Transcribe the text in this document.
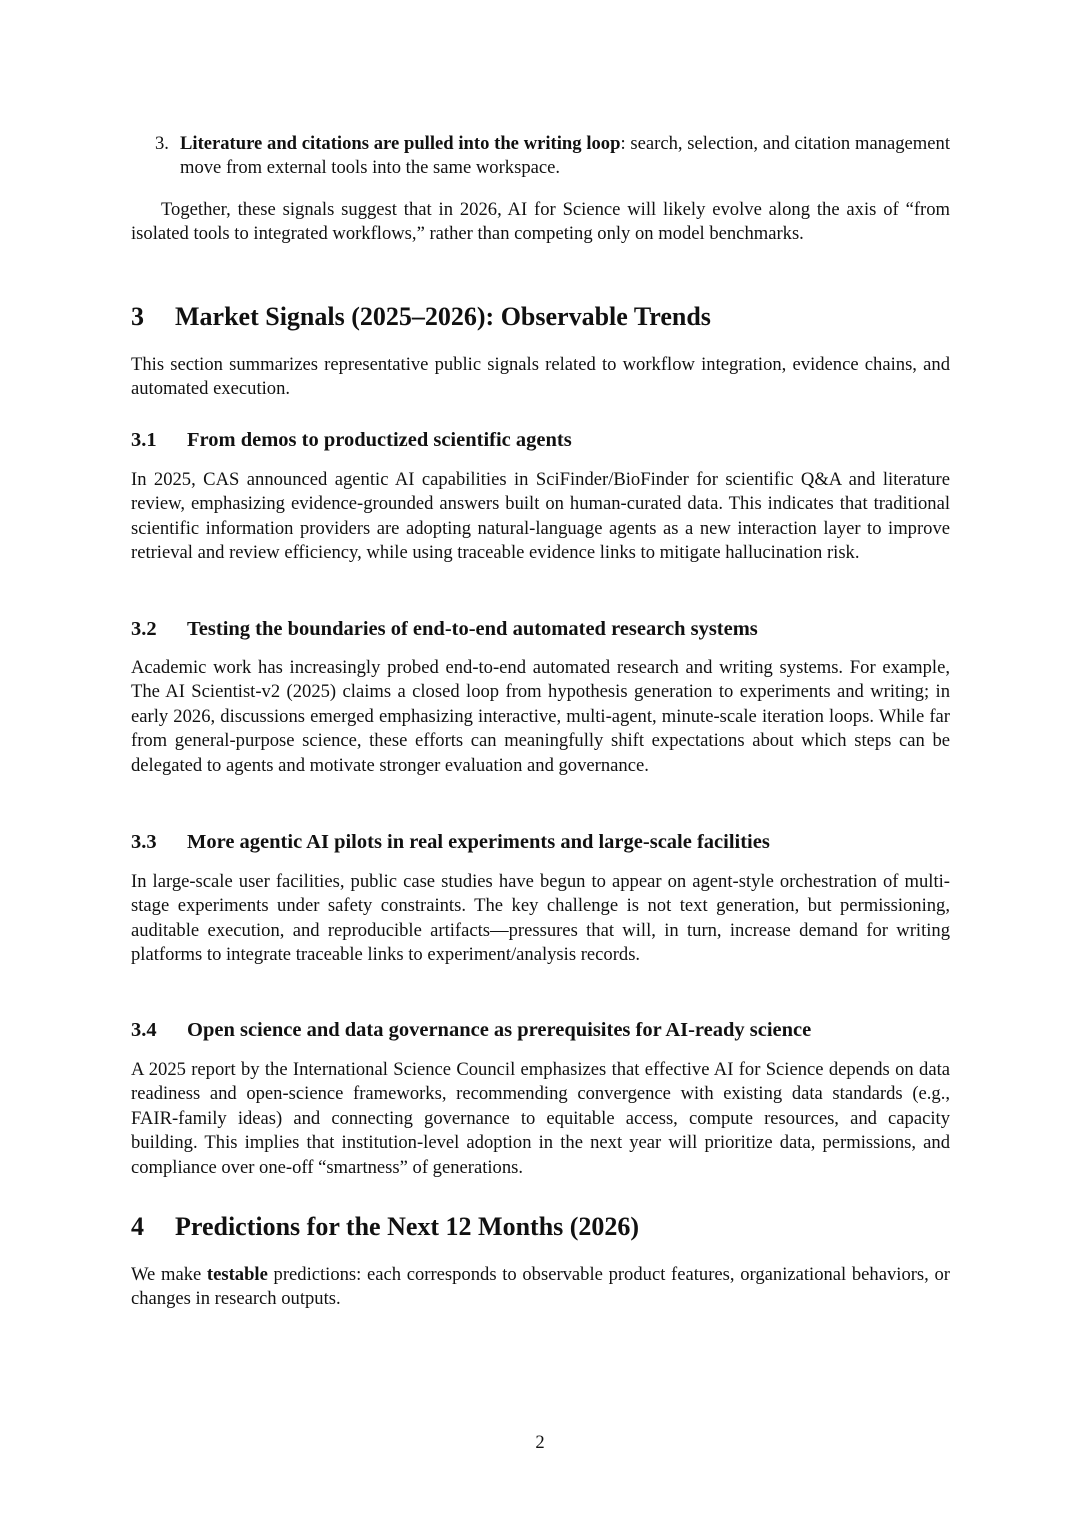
3. Literature and citations are pulled into the writing loop: search, selection, and citation management move from external tools into the same workspace.

Together, these signals suggest that in 2026, AI for Science will likely evolve along the axis of “from isolated tools to integrated workflows,” rather than competing only on model benchmarks.

3 Market Signals (2025–2026): Observable Trends

This section summarizes representative public signals related to workflow integration, evidence chains, and automated execution.

3.1 From demos to productized scientific agents

In 2025, CAS announced agentic AI capabilities in SciFinder/BioFinder for scientific Q&A and literature review, emphasizing evidence-grounded answers built on human-curated data. This indicates that traditional scientific information providers are adopting natural-language agents as a new interaction layer to improve retrieval and review efficiency, while using traceable evidence links to mitigate hallucination risk.

3.2 Testing the boundaries of end-to-end automated research systems

Academic work has increasingly probed end-to-end automated research and writing systems. For example, The AI Scientist-v2 (2025) claims a closed loop from hypothesis generation to experiments and writing; in early 2026, discussions emerged emphasizing interactive, multi-agent, minute-scale iteration loops. While far from general-purpose science, these efforts can meaningfully shift expectations about which steps can be delegated to agents and motivate stronger evaluation and governance.

3.3 More agentic AI pilots in real experiments and large-scale facilities

In large-scale user facilities, public case studies have begun to appear on agent-style orchestration of multi-stage experiments under safety constraints. The key challenge is not text generation, but permissioning, auditable execution, and reproducible artifacts—pressures that will, in turn, increase demand for writing platforms to integrate traceable links to experiment/analysis records.

3.4 Open science and data governance as prerequisites for AI-ready science

A 2025 report by the International Science Council emphasizes that effective AI for Science depends on data readiness and open-science frameworks, recommending convergence with existing data standards (e.g., FAIR-family ideas) and connecting governance to equitable access, compute resources, and capacity building. This implies that institution-level adoption in the next year will prioritize data, permissions, and compliance over one-off “smartness” of generations.

4 Predictions for the Next 12 Months (2026)

We make testable predictions: each corresponds to observable product features, organizational behaviors, or changes in research outputs.

2
